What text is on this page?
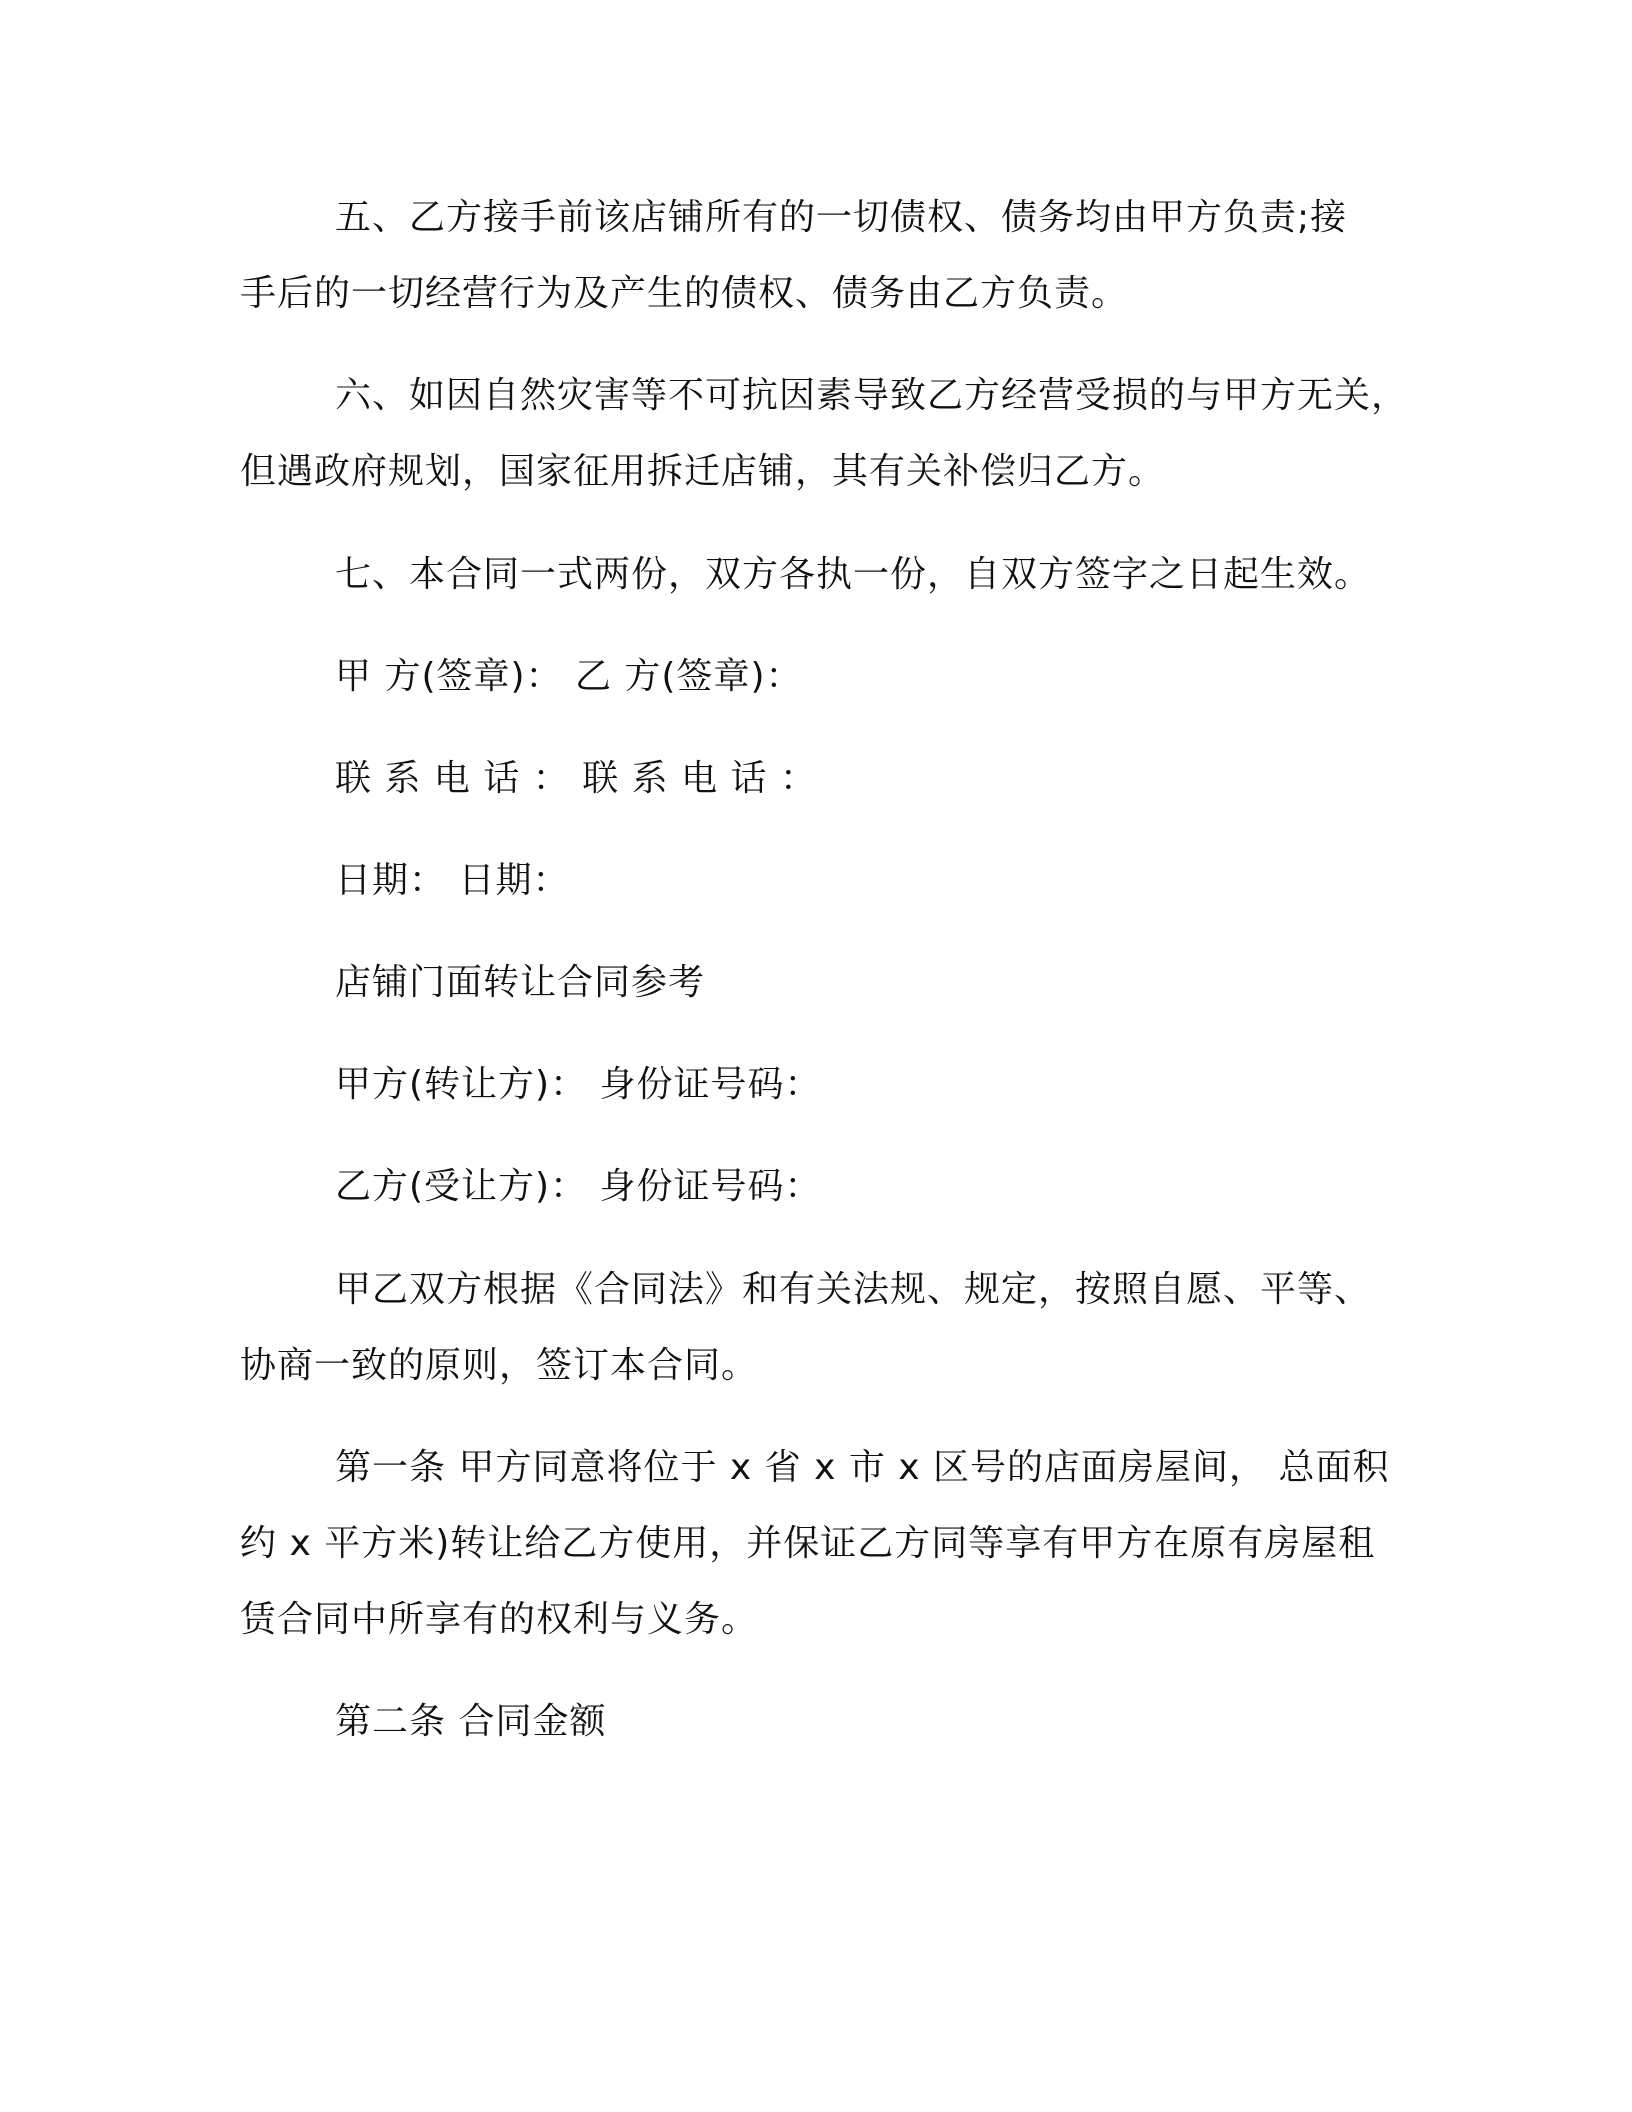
五、乙方接手前该店铺所有的一切债权、债务均由甲方负责;接
手后的一切经营行为及产生的债权、债务由乙方负责。
六、如因自然灾害等不可抗因素导致乙方经营受损的与甲方无关，
但遇政府规划，国家征用拆迁店铺，其有关补偿归乙方。
七、本合同一式两份，双方各执一份，自双方签字之日起生效。
甲 方(签章)： 乙 方(签章)：
联 系 电 话 ： 联 系 电 话 ：
日期： 日期：
店铺门面转让合同参考
甲方(转让方)： 身份证号码：
乙方(受让方)： 身份证号码：
甲乙双方根据《合同法》和有关法规、规定，按照自愿、平等、
协商一致的原则，签订本合同。
第一条 甲方同意将位于 x 省 x 市 x 区号的店面房屋间， 总面积
约 x 平方米)转让给乙方使用，并保证乙方同等享有甲方在原有房屋租
赁合同中所享有的权利与义务。
第二条 合同金额
